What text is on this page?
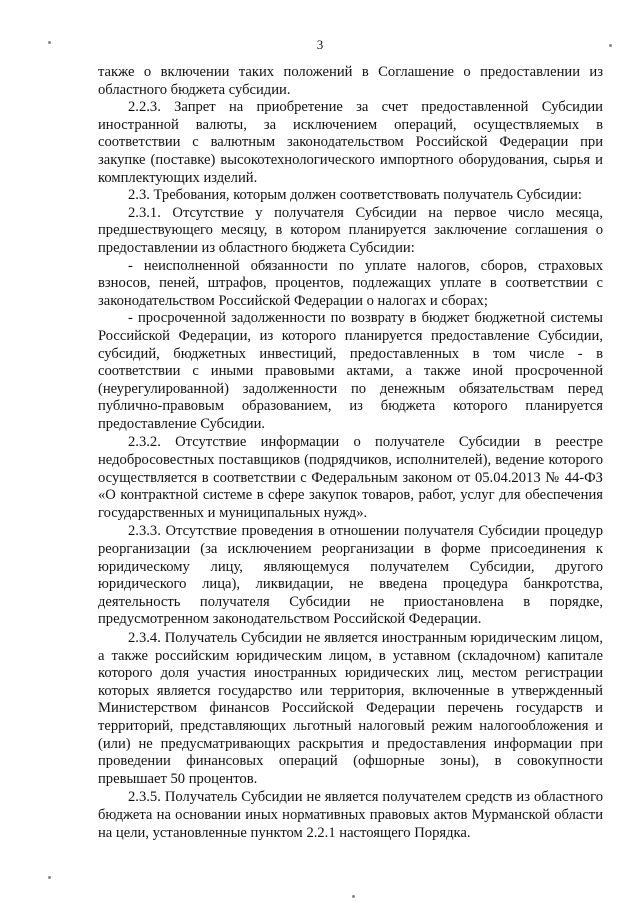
3

также о включении таких положений в Соглашение о предоставлении из областного бюджета субсидии.

2.2.3. Запрет на приобретение за счет предоставленной Субсидии иностранной валюты, за исключением операций, осуществляемых в соответствии с валютным законодательством Российской Федерации при закупке (поставке) высокотехнологического импортного оборудования, сырья и комплектующих изделий.

2.3. Требования, которым должен соответствовать получатель Субсидии:

2.3.1. Отсутствие у получателя Субсидии на первое число месяца, предшествующего месяцу, в котором планируется заключение соглашения о предоставлении из областного бюджета Субсидии:

- неисполненной обязанности по уплате налогов, сборов, страховых взносов, пеней, штрафов, процентов, подлежащих уплате в соответствии с законодательством Российской Федерации о налогах и сборах;

- просроченной задолженности по возврату в бюджет бюджетной системы Российской Федерации, из которого планируется предоставление Субсидии, субсидий, бюджетных инвестиций, предоставленных в том числе - в соответствии с иными правовыми актами, а также иной просроченной (неурегулированной) задолженности по денежным обязательствам перед публично-правовым образованием, из бюджета которого планируется предоставление Субсидии.

2.3.2. Отсутствие информации о получателе Субсидии в реестре недобросовестных поставщиков (подрядчиков, исполнителей), ведение которого осуществляется в соответствии с Федеральным законом от 05.04.2013 № 44-ФЗ «О контрактной системе в сфере закупок товаров, работ, услуг для обеспечения государственных и муниципальных нужд».

2.3.3. Отсутствие проведения в отношении получателя Субсидии процедур реорганизации (за исключением реорганизации в форме присоединения к юридическому лицу, являющемуся получателем Субсидии, другого юридического лица), ликвидации, не введена процедура банкротства, деятельность получателя Субсидии не приостановлена в порядке, предусмотренном законодательством Российской Федерации.

2.3.4. Получатель Субсидии не является иностранным юридическим лицом, а также российским юридическим лицом, в уставном (складочном) капитале которого доля участия иностранных юридических лиц, местом регистрации которых является государство или территория, включенные в утвержденный Министерством финансов Российской Федерации перечень государств и территорий, представляющих льготный налоговый режим налогообложения и (или) не предусматривающих раскрытия и предоставления информации при проведении финансовых операций (офшорные зоны), в совокупности превышает 50 процентов.

2.3.5. Получатель Субсидии не является получателем средств из областного бюджета на основании иных нормативных правовых актов Мурманской области на цели, установленные пунктом 2.2.1 настоящего Порядка.
